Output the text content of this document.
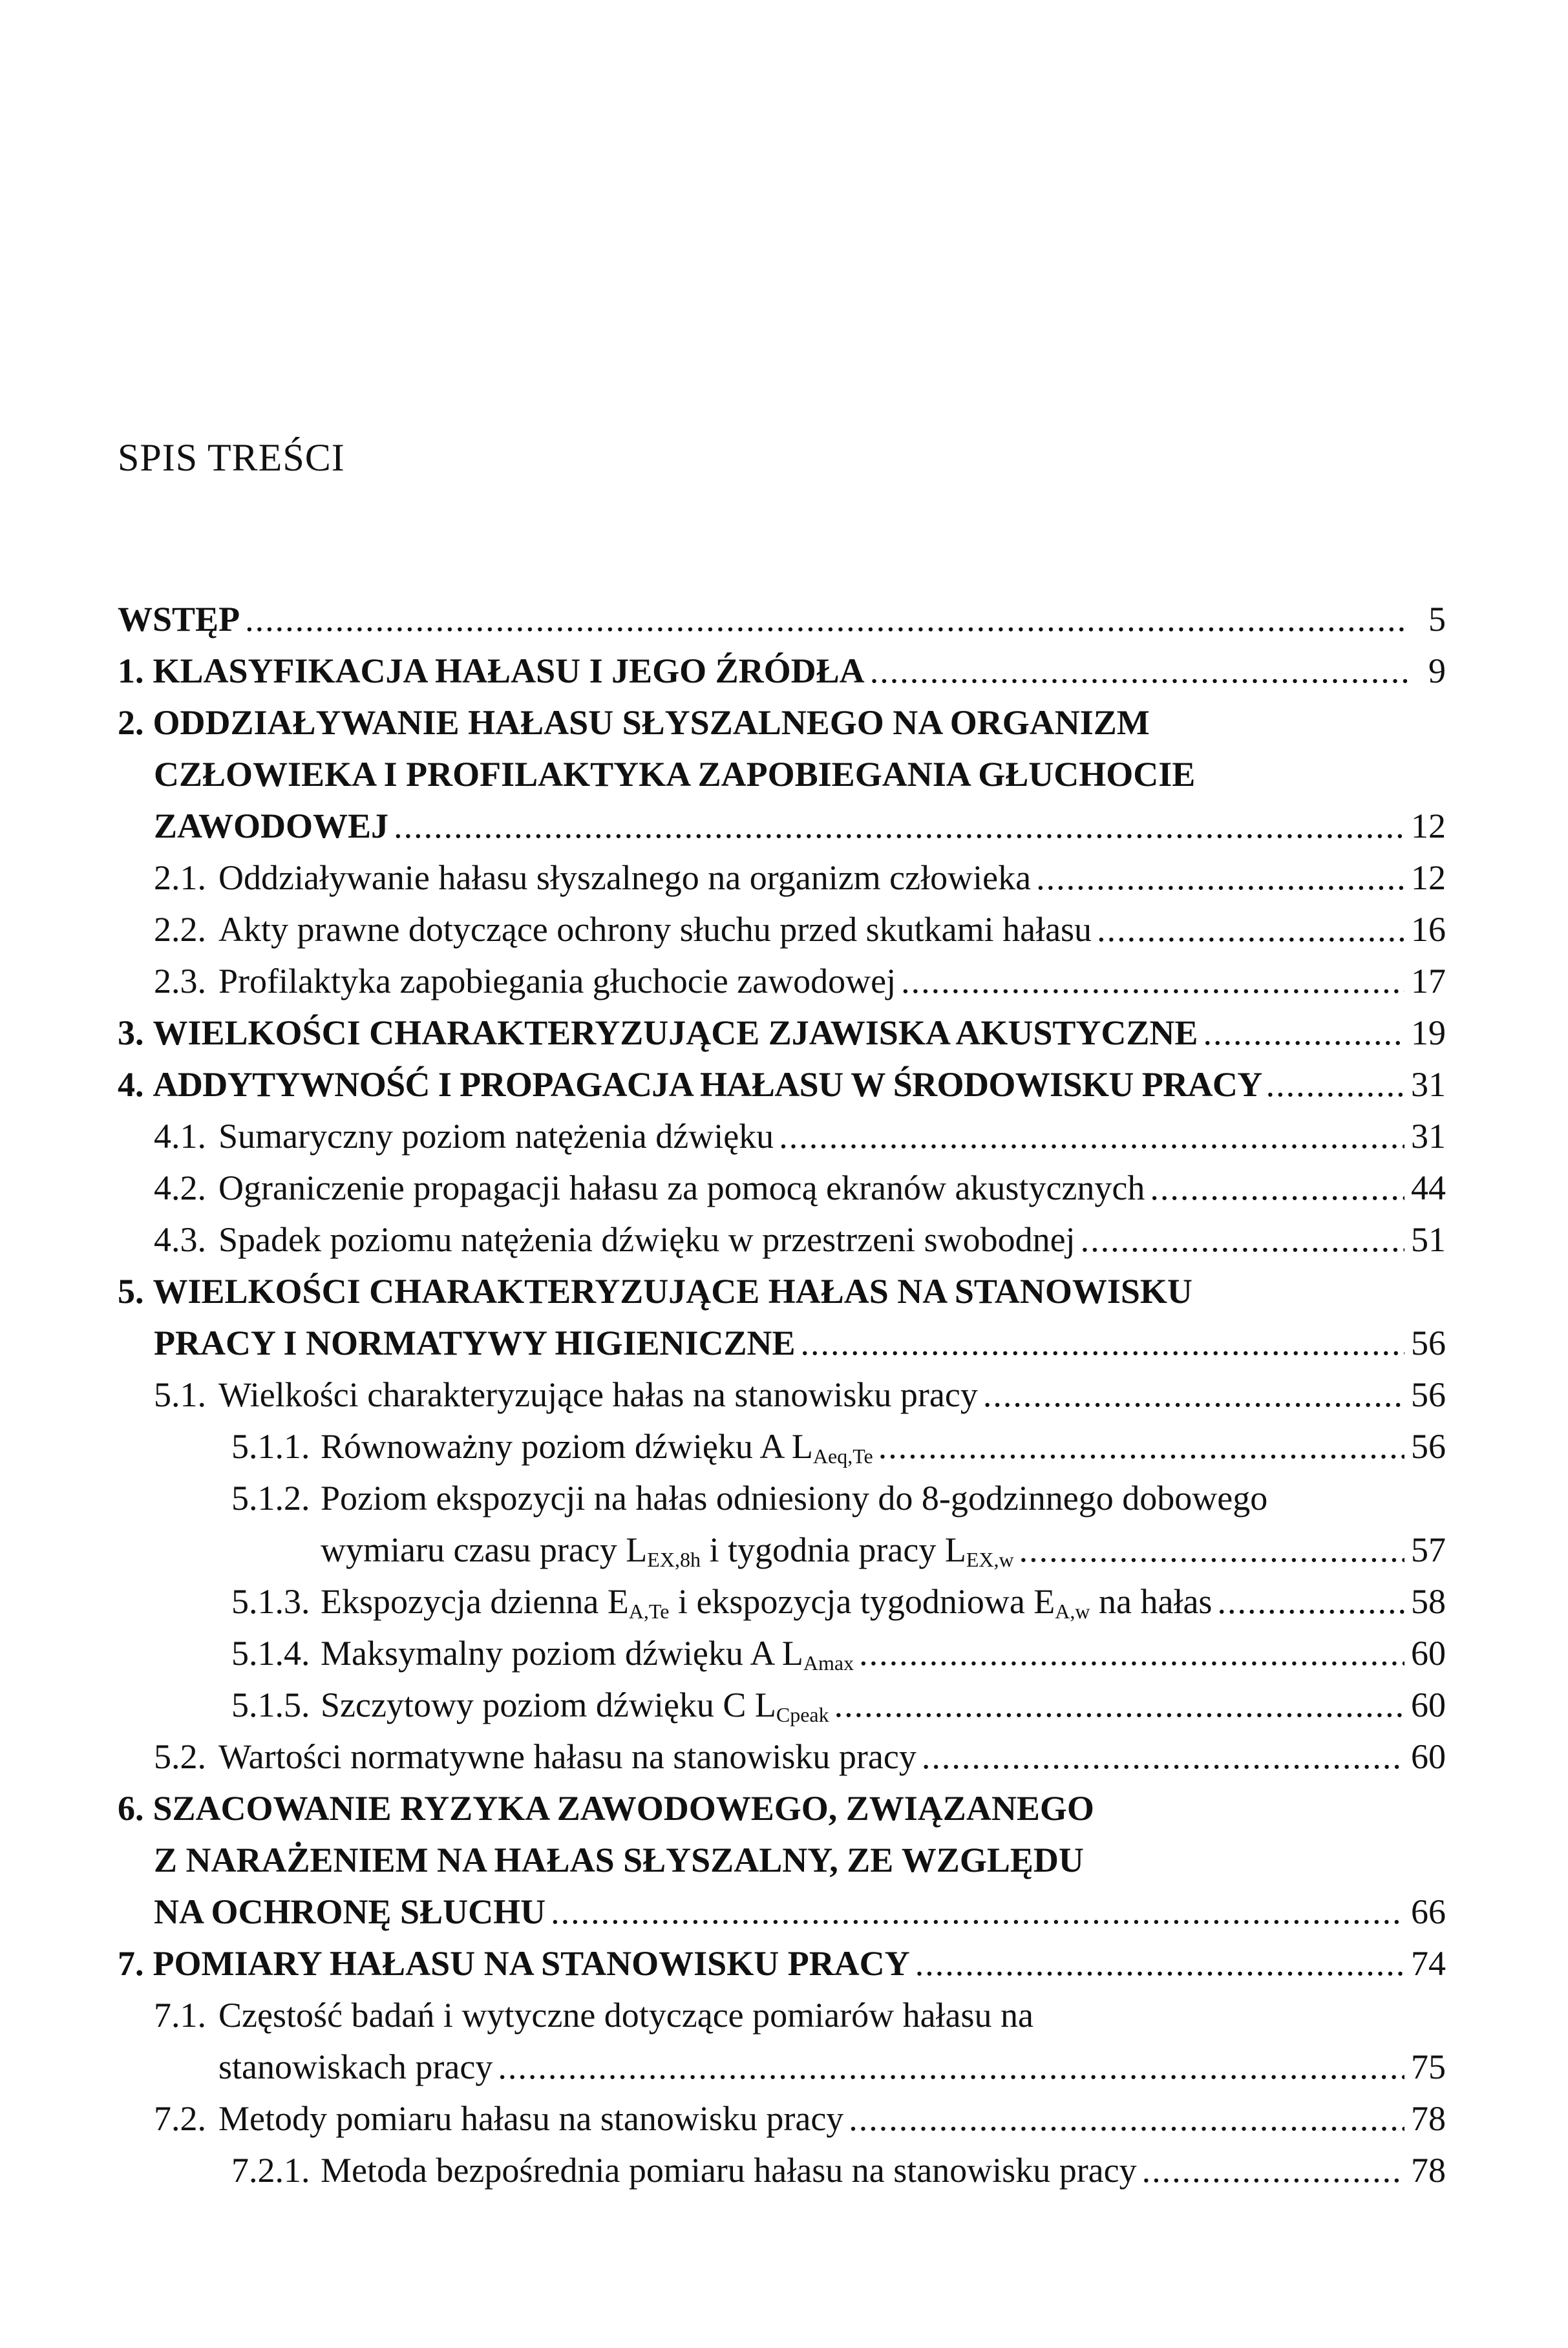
SPIS TREŚCI
WSTĘP .....	5
1. KLASYFIKACJA HAŁASU I JEGO ŹRÓDŁA .....	9
2. ODDZIAŁYWANIE HAŁASU SŁYSZALNEGO NA ORGANIZM
CZŁOWIEKA I PROFILAKTYKA ZAPOBIEGANIA GŁUCHOCIE
ZAWODOWEJ .....	12
2.1. Oddziaływanie hałasu słyszalnego na organizm człowieka .....	12
2.2. Akty prawne dotyczące ochrony słuchu przed skutkami hałasu .....	16
2.3. Profilaktyka zapobiegania głuchocie zawodowej .....	17
3. WIELKOŚCI CHARAKTERYZUJĄCE ZJAWISKA AKUSTYCZNE .....	19
4. ADDYTYWNOŚĆ I PROPAGACJA HAŁASU W ŚRODOWISKU PRACY .....	31
4.1. Sumaryczny poziom natężenia dźwięku .....	31
4.2. Ograniczenie propagacji hałasu za pomocą ekranów akustycznych .....	44
4.3. Spadek poziomu natężenia dźwięku w przestrzeni swobodnej .....	51
5. WIELKOŚCI CHARAKTERYZUJĄCE HAŁAS NA STANOWISKU
PRACY I NORMATYWY HIGIENICZNE .....	56
5.1. Wielkości charakteryzujące hałas na stanowisku pracy .....	56
5.1.1. Równoważny poziom dźwięku A $L_{Aeq,Te}$ .....	56
5.1.2. Poziom ekspozycji na hałas odniesiony do 8-godzinnego dobowego
wymiaru czasu pracy $L_{EX,8h}$ i tygodnia pracy $L_{EX,w}$ .....	57
5.1.3. Ekspozycja dzienna $E_{A,Te}$ i ekspozycja tygodniowa $E_{A,w}$ na hałas .....	58
5.1.4. Maksymalny poziom dźwięku A $L_{Amax}$ .....	60
5.1.5. Szczytowy poziom dźwięku C $L_{Cpeak}$ .....	60
5.2. Wartości normatywne hałasu na stanowisku pracy .....	60
6. SZACOWANIE RYZYKA ZAWODOWEGO, ZWIĄZANEGO
Z NARAŻENIEM NA HAŁAS SŁYSZALNY, ZE WZGLĘDU
NA OCHRONĘ SŁUCHU .....	66
7. POMIARY HAŁASU NA STANOWISKU PRACY .....	74
7.1. Częstość badań i wytyczne dotyczące pomiarów hałasu na
stanowiskach pracy .....	75
7.2. Metody pomiaru hałasu na stanowisku pracy .....	78
7.2.1. Metoda bezpośrednia pomiaru hałasu na stanowisku pracy .....	78
